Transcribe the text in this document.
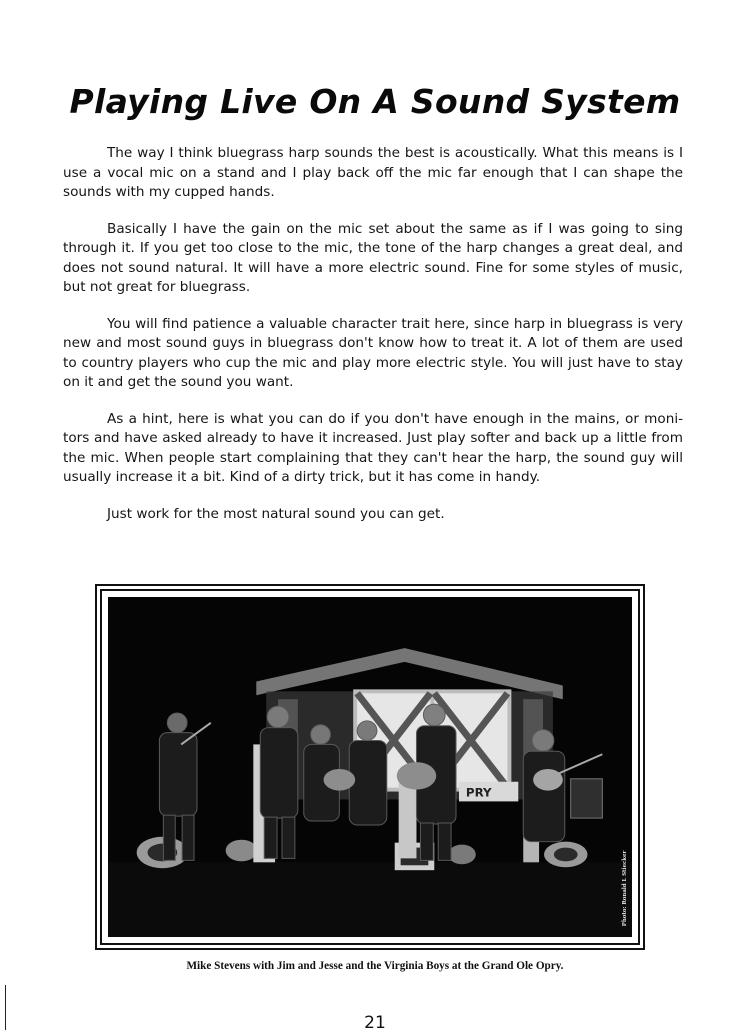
Playing Live On A Sound System

The way I think bluegrass harp sounds the best is acoustically. What this means is I use a vocal mic on a stand and I play back off the mic far enough that I can shape the sounds with my cupped hands.

Basically I have the gain on the mic set about the same as if I was going to sing through it. If you get too close to the mic, the tone of the harp changes a great deal, and does not sound natural. It will have a more electric sound. Fine for some styles of music, but not great for bluegrass.

You will find patience a valuable character trait here, since harp in bluegrass is very new and most sound guys in bluegrass don't know how to treat it. A lot of them are used to country players who cup the mic and play more electric style. You will just have to stay on it and get the sound you want.

As a hint, here is what you can do if you don't have enough in the mains, or moni-tors and have asked already to have it increased. Just play softer and back up a little from the mic. When people start complaining that they can't hear the harp, the sound guy will usually increase it a bit. Kind of a dirty trick, but it has come in handy.

Just work for the most natural sound you can get.

PRY
Photo: Ronald L Stiecker

Mike Stevens with Jim and Jesse and the Virginia Boys at the Grand Ole Opry.

21
